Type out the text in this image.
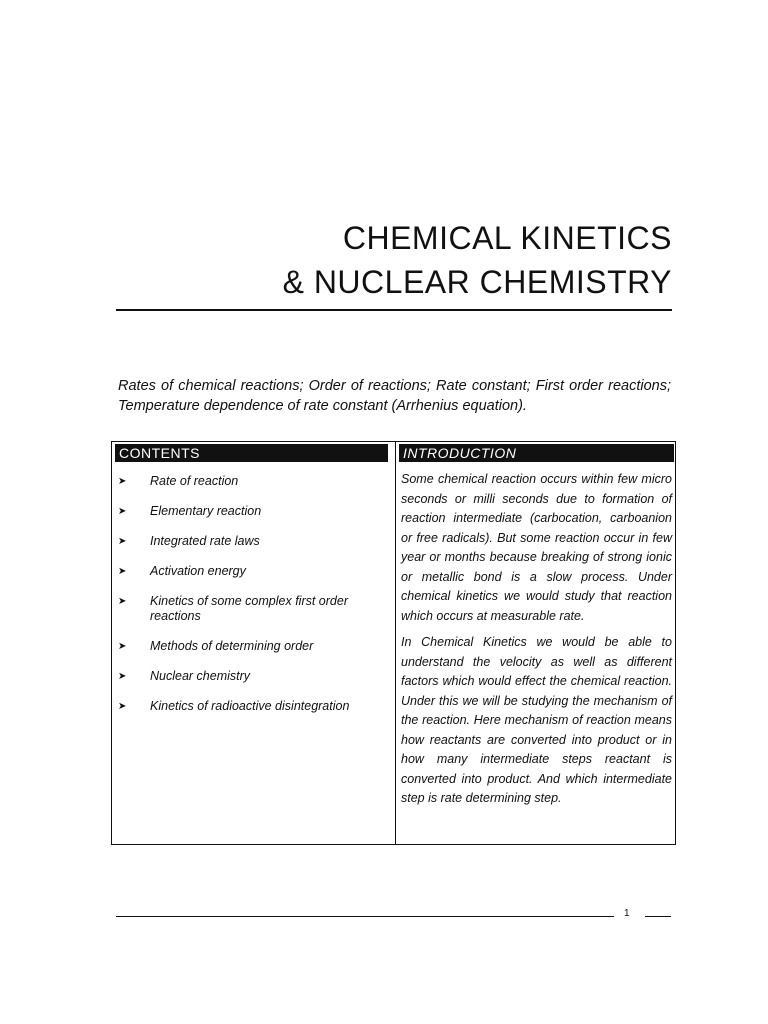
CHEMICAL KINETICS
& NUCLEAR CHEMISTRY
Rates of chemical reactions; Order of reactions; Rate constant; First order reactions; Temperature dependence of rate constant (Arrhenius equation).
CONTENTS	INTRODUCTION
➤ Rate of reaction
➤ Elementary reaction
➤ Integrated rate laws
➤ Activation energy
➤ Kinetics of some complex first order reactions
➤ Methods of determining order
➤ Nuclear chemistry
➤ Kinetics of radioactive disintegration

Some chemical reaction occurs within few micro seconds or milli seconds due to formation of reaction intermediate (carbocation, carboanion or free radicals). But some reaction occur in few year or months because breaking of strong ionic or metallic bond is a slow process. Under chemical kinetics we would study that reaction which occurs at measurable rate.

In Chemical Kinetics we would be able to understand the velocity as well as different factors which would effect the chemical reaction. Under this we will be studying the mechanism of the reaction. Here mechanism of reaction means how reactants are converted into product or in how many intermediate steps reactant is converted into product. And which intermediate step is rate determining step.

1
